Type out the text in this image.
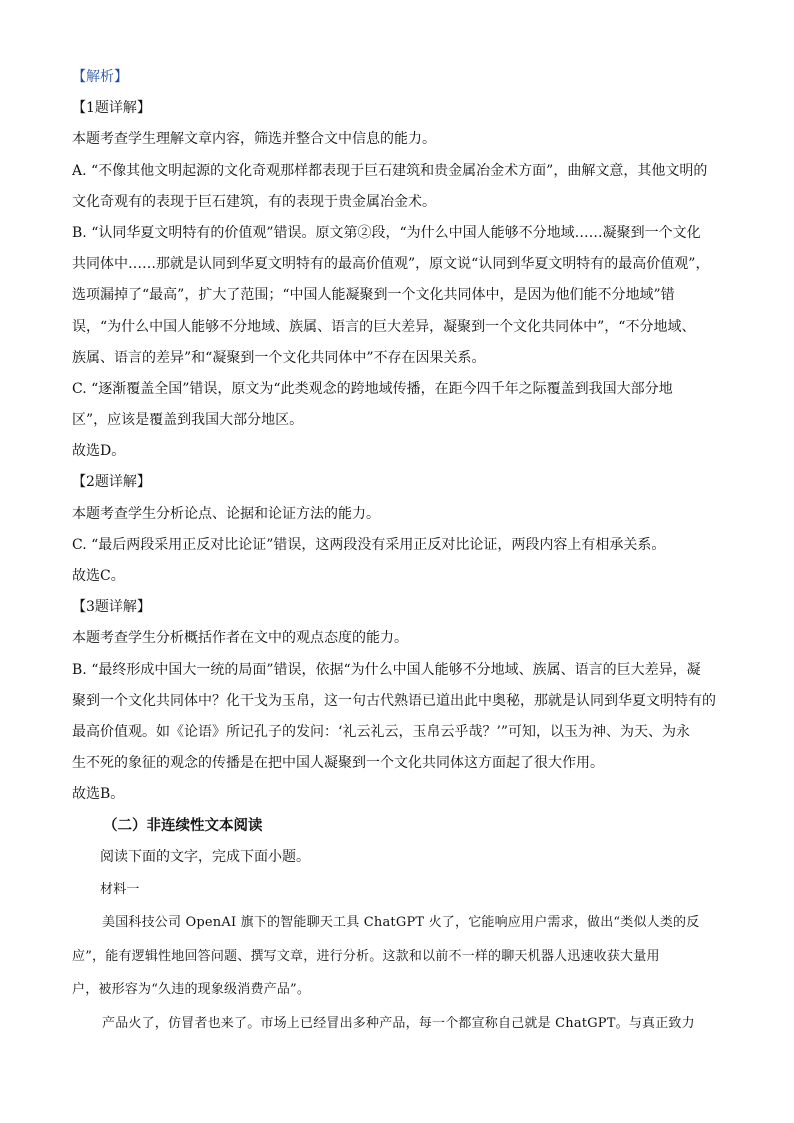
【解析】
【1题详解】
本题考查学生理解文章内容，筛选并整合文中信息的能力。
A. “不像其他文明起源的文化奇观那样都表现于巨石建筑和贵金属冶金术方面”，曲解文意，其他文明的
文化奇观有的表现于巨石建筑，有的表现于贵金属冶金术。
B. “认同华夏文明特有的价值观”错误。原文第②段，“为什么中国人能够不分地域……凝聚到一个文化
共同体中……那就是认同到华夏文明特有的最高价值观”，原文说“认同到华夏文明特有的最高价值观”，
选项漏掉了“最高”，扩大了范围；“中国人能凝聚到一个文化共同体中，是因为他们能不分地域”错
误，“为什么中国人能够不分地域、族属、语言的巨大差异，凝聚到一个文化共同体中”，“不分地域、
族属、语言的差异”和“凝聚到一个文化共同体中”不存在因果关系。
C. “逐渐覆盖全国”错误，原文为“此类观念的跨地域传播，在距今四千年之际覆盖到我国大部分地
区”，应该是覆盖到我国大部分地区。
故选D。
【2题详解】
本题考查学生分析论点、论据和论证方法的能力。
C. “最后两段采用正反对比论证”错误，这两段没有采用正反对比论证，两段内容上有相承关系。
故选C。
【3题详解】
本题考查学生分析概括作者在文中的观点态度的能力。
B. “最终形成中国大一统的局面”错误，依据“为什么中国人能够不分地域、族属、语言的巨大差异，凝
聚到一个文化共同体中？化干戈为玉帛，这一句古代熟语已道出此中奥秘，那就是认同到华夏文明特有的
最高价值观。如《论语》所记孔子的发问：‘礼云礼云，玉帛云乎哉？’”可知，以玉为神、为天、为永
生不死的象征的观念的传播是在把中国人凝聚到一个文化共同体这方面起了很大作用。
故选B。
（二）非连续性文本阅读
阅读下面的文字，完成下面小题。
材料一
美国科技公司 OpenAI 旗下的智能聊天工具 ChatGPT 火了，它能响应用户需求，做出“类似人类的反
应”，能有逻辑性地回答问题、撰写文章，进行分析。这款和以前不一样的聊天机器人迅速收获大量用
户，被形容为“久违的现象级消费产品”。
产品火了，仿冒者也来了。市场上已经冒出多种产品，每一个都宣称自己就是 ChatGPT。与真正致力
